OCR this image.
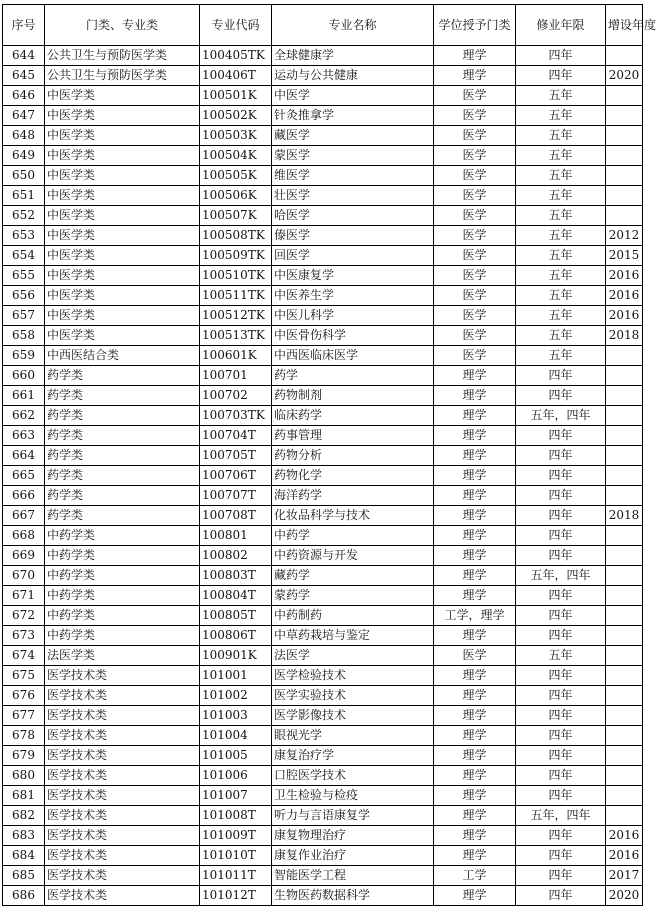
序号	门类、专业类	专业代码	专业名称	学位授予门类	修业年限	增设年度
644	公共卫生与预防医学类	100405TK	全球健康学	理学	四年	
645	公共卫生与预防医学类	100406T	运动与公共健康	理学	四年	2020
646	中医学类	100501K	中医学	医学	五年	
647	中医学类	100502K	针灸推拿学	医学	五年	
648	中医学类	100503K	藏医学	医学	五年	
649	中医学类	100504K	蒙医学	医学	五年	
650	中医学类	100505K	维医学	医学	五年	
651	中医学类	100506K	壮医学	医学	五年	
652	中医学类	100507K	哈医学	医学	五年	
653	中医学类	100508TK	傣医学	医学	五年	2012
654	中医学类	100509TK	回医学	医学	五年	2015
655	中医学类	100510TK	中医康复学	医学	五年	2016
656	中医学类	100511TK	中医养生学	医学	五年	2016
657	中医学类	100512TK	中医儿科学	医学	五年	2016
658	中医学类	100513TK	中医骨伤科学	医学	五年	2018
659	中西医结合类	100601K	中西医临床医学	医学	五年	
660	药学类	100701	药学	理学	四年	
661	药学类	100702	药物制剂	理学	四年	
662	药学类	100703TK	临床药学	理学	五年，四年	
663	药学类	100704T	药事管理	理学	四年	
664	药学类	100705T	药物分析	理学	四年	
665	药学类	100706T	药物化学	理学	四年	
666	药学类	100707T	海洋药学	理学	四年	
667	药学类	100708T	化妆品科学与技术	理学	四年	2018
668	中药学类	100801	中药学	理学	四年	
669	中药学类	100802	中药资源与开发	理学	四年	
670	中药学类	100803T	藏药学	理学	五年，四年	
671	中药学类	100804T	蒙药学	理学	四年	
672	中药学类	100805T	中药制药	工学，理学	四年	
673	中药学类	100806T	中草药栽培与鉴定	理学	四年	
674	法医学类	100901K	法医学	医学	五年	
675	医学技术类	101001	医学检验技术	理学	四年	
676	医学技术类	101002	医学实验技术	理学	四年	
677	医学技术类	101003	医学影像技术	理学	四年	
678	医学技术类	101004	眼视光学	理学	四年	
679	医学技术类	101005	康复治疗学	理学	四年	
680	医学技术类	101006	口腔医学技术	理学	四年	
681	医学技术类	101007	卫生检验与检疫	理学	四年	
682	医学技术类	101008T	听力与言语康复学	理学	五年，四年	
683	医学技术类	101009T	康复物理治疗	理学	四年	2016
684	医学技术类	101010T	康复作业治疗	理学	四年	2016
685	医学技术类	101011T	智能医学工程	工学	四年	2017
686	医学技术类	101012T	生物医药数据科学	理学	四年	2020
